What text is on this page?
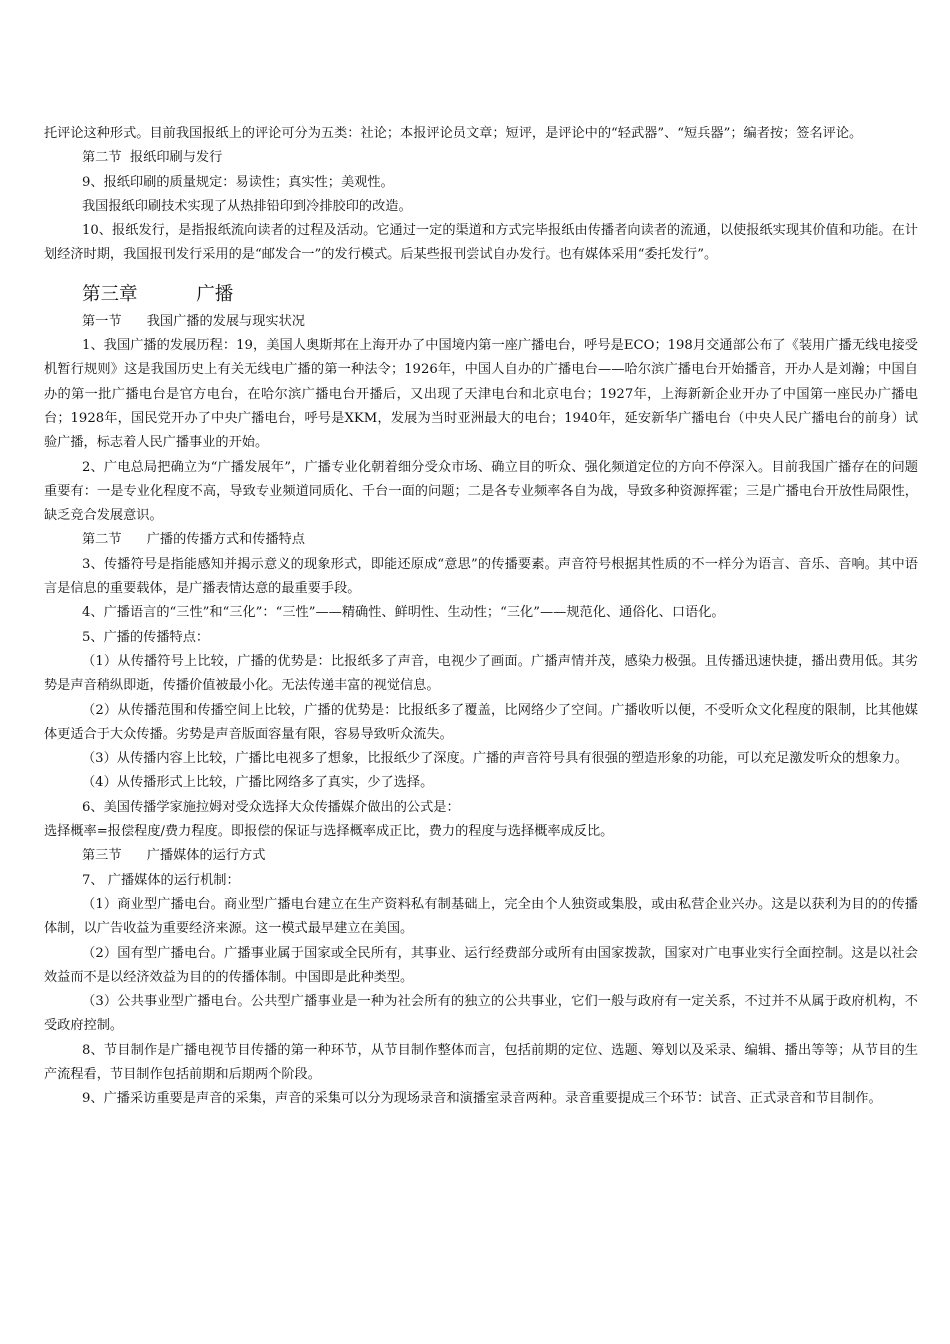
托评论这种形式。目前我国报纸上的评论可分为五类：社论；本报评论员文章；短评，是评论中的“轻武器”、“短兵器”；编者按；签名评论。

第二节  报纸印刷与发行

9、报纸印刷的质量规定：易读性；真实性；美观性。

我国报纸印刷技术实现了从热排铅印到冷排胶印的改造。

10、报纸发行，是指报纸流向读者的过程及活动。它通过一定的渠道和方式完毕报纸由传播者向读者的流通，以使报纸实现其价值和功能。在计划经济时期，我国报刊发行采用的是“邮发合一”的发行模式。后某些报刊尝试自办发行。也有媒体采用“委托发行”。

第三章          广播

第一节      我国广播的发展与现实状况

1、我国广播的发展历程：19，美国人奥斯邦在上海开办了中国境内第一座广播电台，呼号是ECO；198月交通部公布了《装用广播无线电接受机暂行规则》这是我国历史上有关无线电广播的第一种法令；1926年，中国人自办的广播电台——哈尔滨广播电台开始播音，开办人是刘瀚；中国自办的第一批广播电台是官方电台，在哈尔滨广播电台开播后，又出现了天津电台和北京电台；1927年，上海新新企业开办了中国第一座民办广播电台；1928年，国民党开办了中央广播电台，呼号是XKM，发展为当时亚洲最大的电台；1940年，延安新华广播电台（中央人民广播电台的前身）试验广播，标志着人民广播事业的开始。

2、广电总局把确立为“广播发展年”，广播专业化朝着细分受众市场、确立目的听众、强化频道定位的方向不停深入。目前我国广播存在的问题重要有：一是专业化程度不高，导致专业频道同质化、千台一面的问题；二是各专业频率各自为战，导致多种资源挥霍；三是广播电台开放性局限性，缺乏竞合发展意识。

第二节      广播的传播方式和传播特点

3、传播符号是指能感知并揭示意义的现象形式，即能还原成“意思”的传播要素。声音符号根据其性质的不一样分为语言、音乐、音响。其中语言是信息的重要载体，是广播表情达意的最重要手段。

4、广播语言的“三性”和“三化”：“三性”——精确性、鲜明性、生动性；“三化”——规范化、通俗化、口语化。

5、广播的传播特点：

（1）从传播符号上比较，广播的优势是：比报纸多了声音，电视少了画面。广播声情并茂，感染力极强。且传播迅速快捷，播出费用低。其劣势是声音稍纵即逝，传播价值被最小化。无法传递丰富的视觉信息。

（2）从传播范围和传播空间上比较，广播的优势是：比报纸多了覆盖，比网络少了空间。广播收听以便，不受听众文化程度的限制，比其他媒体更适合于大众传播。劣势是声音版面容量有限，容易导致听众流失。

（3）从传播内容上比较，广播比电视多了想象，比报纸少了深度。广播的声音符号具有很强的塑造形象的功能，可以充足激发听众的想象力。

（4）从传播形式上比较，广播比网络多了真实，少了选择。

6、美国传播学家施拉姆对受众选择大众传播媒介做出的公式是：

选择概率=报偿程度/费力程度。即报偿的保证与选择概率成正比，费力的程度与选择概率成反比。

第三节      广播媒体的运行方式

7、 广播媒体的运行机制：

（1）商业型广播电台。商业型广播电台建立在生产资料私有制基础上，完全由个人独资或集股，或由私营企业兴办。这是以获利为目的的传播体制，以广告收益为重要经济来源。这一模式最早建立在美国。

（2）国有型广播电台。广播事业属于国家或全民所有，其事业、运行经费部分或所有由国家拨款，国家对广电事业实行全面控制。这是以社会效益而不是以经济效益为目的的传播体制。中国即是此种类型。

（3）公共事业型广播电台。公共型广播事业是一种为社会所有的独立的公共事业，它们一般与政府有一定关系，不过并不从属于政府机构，不受政府控制。

8、节目制作是广播电视节目传播的第一种环节，从节目制作整体而言，包括前期的定位、选题、筹划以及采录、编辑、播出等等；从节目的生产流程看，节目制作包括前期和后期两个阶段。

9、广播采访重要是声音的采集，声音的采集可以分为现场录音和演播室录音两种。录音重要提成三个环节：试音、正式录音和节目制作。
